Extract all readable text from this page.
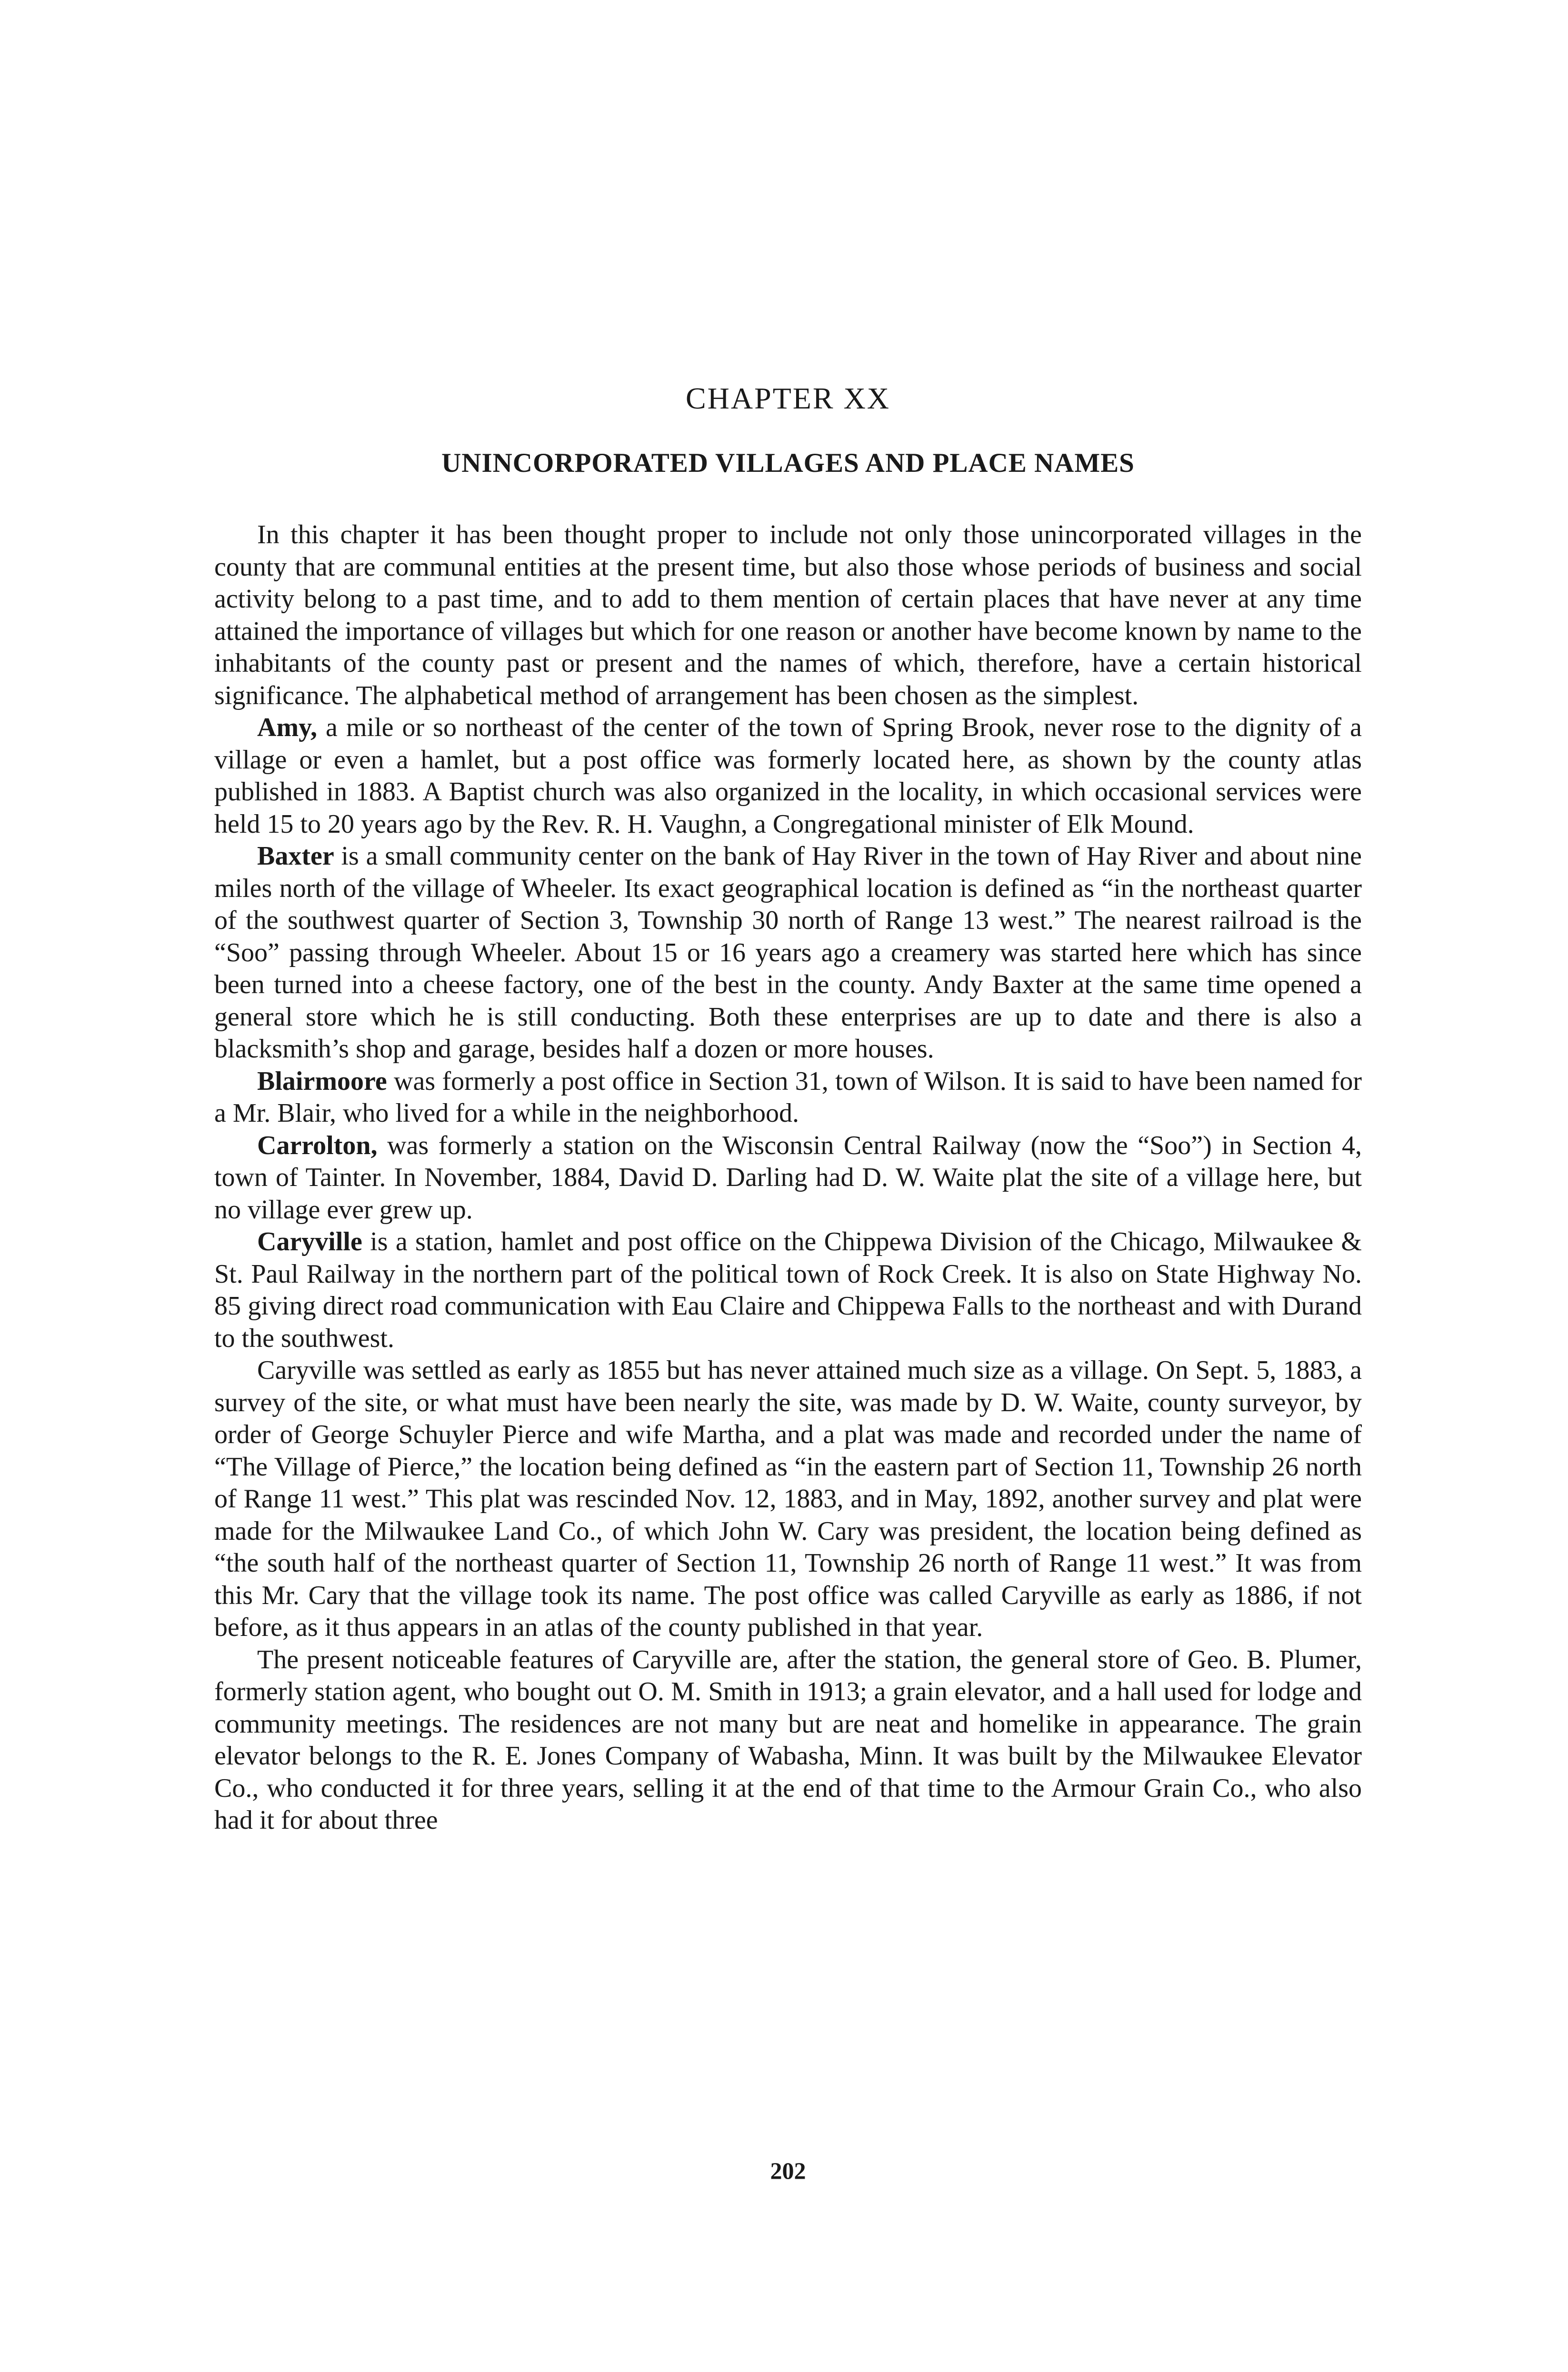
CHAPTER XX
UNINCORPORATED VILLAGES AND PLACE NAMES

In this chapter it has been thought proper to include not only those unincorporated villages in the county that are communal entities at the present time, but also those whose periods of business and social activity belong to a past time, and to add to them mention of certain places that have never at any time attained the importance of villages but which for one reason or another have become known by name to the inhabitants of the county past or present and the names of which, therefore, have a certain historical significance. The alphabetical method of arrangement has been chosen as the simplest.

Amy, a mile or so northeast of the center of the town of Spring Brook, never rose to the dignity of a village or even a hamlet, but a post office was formerly located here, as shown by the county atlas published in 1883. A Baptist church was also organized in the locality, in which occasional services were held 15 to 20 years ago by the Rev. R. H. Vaughn, a Congregational minister of Elk Mound.

Baxter is a small community center on the bank of Hay River in the town of Hay River and about nine miles north of the village of Wheeler. Its exact geographical location is defined as “in the northeast quarter of the southwest quarter of Section 3, Township 30 north of Range 13 west.” The nearest railroad is the “Soo” passing through Wheeler. About 15 or 16 years ago a creamery was started here which has since been turned into a cheese factory, one of the best in the county. Andy Baxter at the same time opened a general store which he is still conducting. Both these enterprises are up to date and there is also a blacksmith’s shop and garage, besides half a dozen or more houses.

Blairmoore was formerly a post office in Section 31, town of Wilson. It is said to have been named for a Mr. Blair, who lived for a while in the neighborhood.

Carrolton, was formerly a station on the Wisconsin Central Railway (now the “Soo”) in Section 4, town of Tainter. In November, 1884, David D. Darling had D. W. Waite plat the site of a village here, but no village ever grew up.

Caryville is a station, hamlet and post office on the Chippewa Division of the Chicago, Milwaukee & St. Paul Railway in the northern part of the political town of Rock Creek. It is also on State Highway No. 85 giving direct road communication with Eau Claire and Chippewa Falls to the northeast and with Durand to the southwest.

Caryville was settled as early as 1855 but has never attained much size as a village. On Sept. 5, 1883, a survey of the site, or what must have been nearly the site, was made by D. W. Waite, county surveyor, by order of George Schuyler Pierce and wife Martha, and a plat was made and recorded under the name of “The Village of Pierce,” the location being defined as “in the eastern part of Section 11, Township 26 north of Range 11 west.” This plat was rescinded Nov. 12, 1883, and in May, 1892, another survey and plat were made for the Milwaukee Land Co., of which John W. Cary was president, the location being defined as “the south half of the northeast quarter of Section 11, Township 26 north of Range 11 west.” It was from this Mr. Cary that the village took its name. The post office was called Caryville as early as 1886, if not before, as it thus appears in an atlas of the county published in that year.

The present noticeable features of Caryville are, after the station, the general store of Geo. B. Plumer, formerly station agent, who bought out O. M. Smith in 1913; a grain elevator, and a hall used for lodge and community meetings. The residences are not many but are neat and homelike in appearance. The grain elevator belongs to the R. E. Jones Company of Wabasha, Minn. It was built by the Milwaukee Elevator Co., who conducted it for three years, selling it at the end of that time to the Armour Grain Co., who also had it for about three

202
